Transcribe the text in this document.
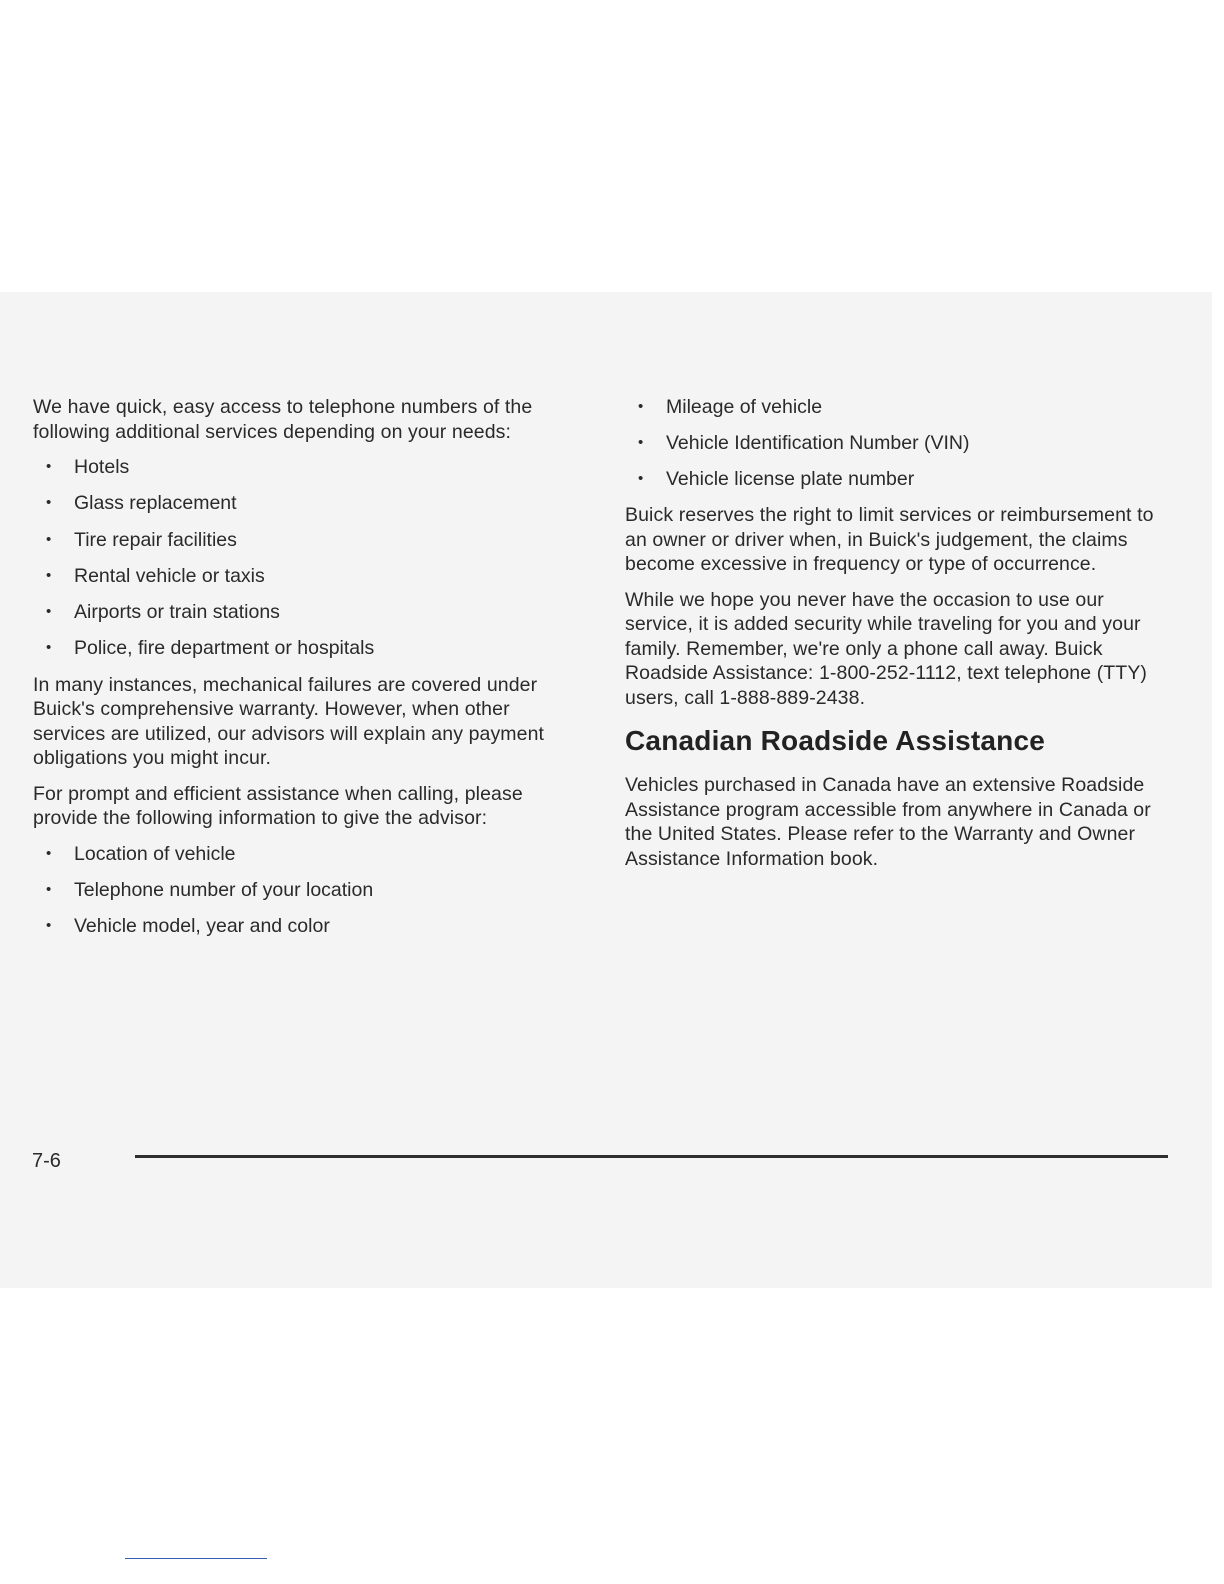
We have quick, easy access to telephone numbers of the following additional services depending on your needs:

• Hotels
• Glass replacement
• Tire repair facilities
• Rental vehicle or taxis
• Airports or train stations
• Police, fire department or hospitals

In many instances, mechanical failures are covered under Buick's comprehensive warranty. However, when other services are utilized, our advisors will explain any payment obligations you might incur.

For prompt and efficient assistance when calling, please provide the following information to give the advisor:

• Location of vehicle
• Telephone number of your location
• Vehicle model, year and color
• Mileage of vehicle
• Vehicle Identification Number (VIN)
• Vehicle license plate number

Buick reserves the right to limit services or reimbursement to an owner or driver when, in Buick's judgement, the claims become excessive in frequency or type of occurrence.

While we hope you never have the occasion to use our service, it is added security while traveling for you and your family. Remember, we're only a phone call away. Buick Roadside Assistance: 1-800-252-1112, text telephone (TTY) users, call 1-888-889-2438.

Canadian Roadside Assistance

Vehicles purchased in Canada have an extensive Roadside Assistance program accessible from anywhere in Canada or the United States. Please refer to the Warranty and Owner Assistance Information book.

7-6
